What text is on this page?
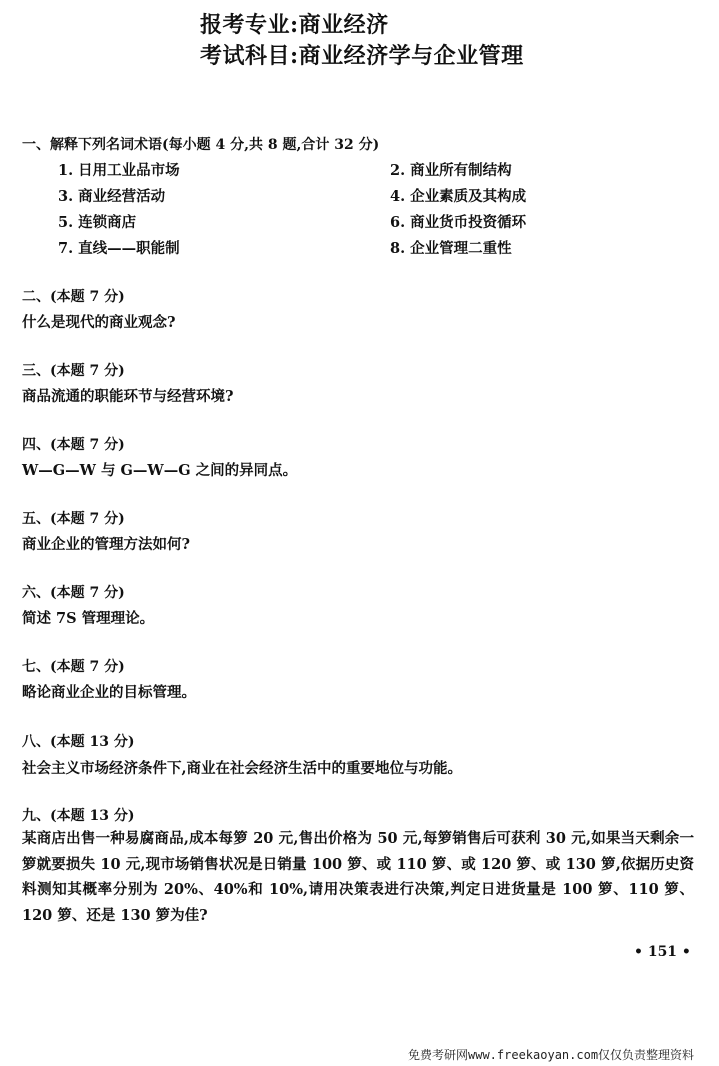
报考专业:商业经济
考试科目:商业经济学与企业管理
一、解释下列名词术语(每小题 4 分,共 8 题,合计 32 分)
1. 日用工业品市场	2. 商业所有制结构
3. 商业经营活动	4. 企业素质及其构成
5. 连锁商店	6. 商业货币投资循环
7. 直线——职能制	8. 企业管理二重性
二、(本题 7 分)
什么是现代的商业观念?
三、(本题 7 分)
商品流通的职能环节与经营环境?
四、(本题 7 分)
W—G—W 与 G—W—G 之间的异同点。
五、(本题 7 分)
商业企业的管理方法如何?
六、(本题 7 分)
简述 7S 管理理论。
七、(本题 7 分)
略论商业企业的目标管理。
八、(本题 13 分)
社会主义市场经济条件下,商业在社会经济生活中的重要地位与功能。
九、(本题 13 分)
某商店出售一种易腐商品,成本每箩 20 元,售出价格为 50 元,每箩销售后可获利 30 元,如果当天剩余一箩就要损失 10 元,现市场销售状况是日销量 100 箩、或 110 箩、或 120 箩、或 130 箩,依据历史资料测知其概率分别为 20%、40%和 10%,请用决策表进行决策,判定日进货量是 100 箩、110 箩、120 箩、还是 130 箩为佳?
• 151 •
免费考研网www.freekaoyan.com仅仅负责整理资料
